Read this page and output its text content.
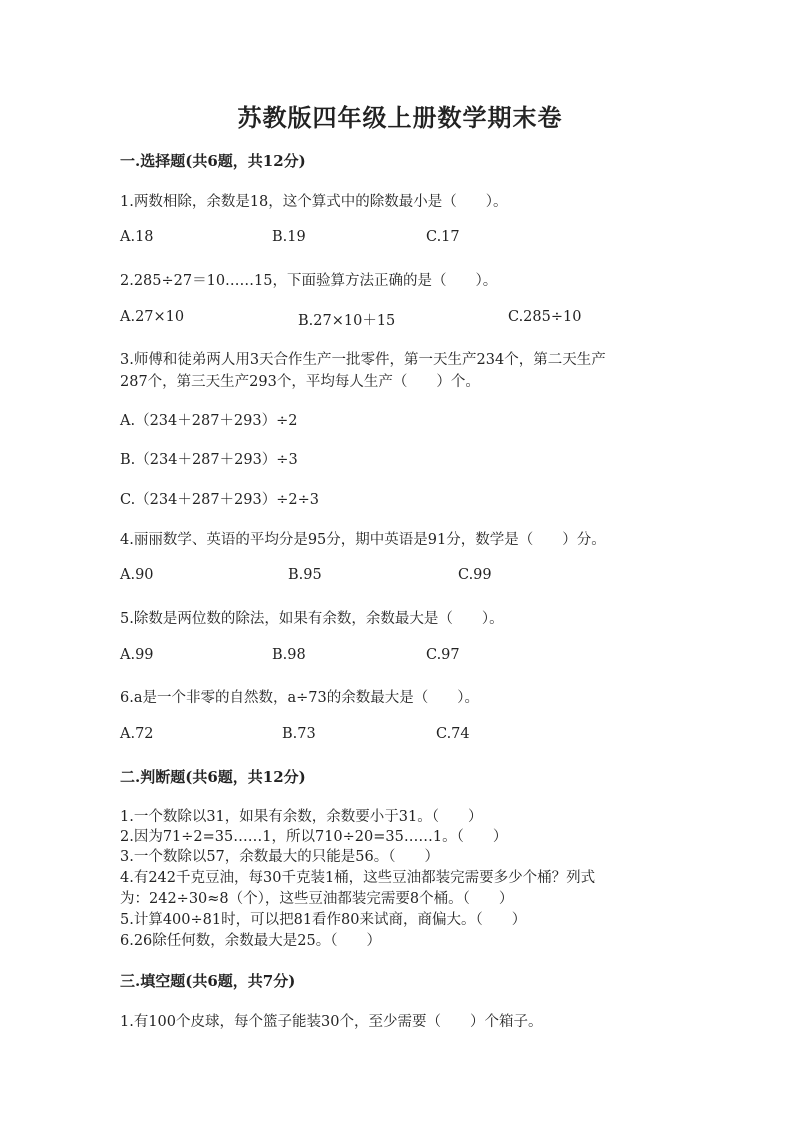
苏教版四年级上册数学期末卷
一.选择题(共6题，共12分)
1.两数相除，余数是18，这个算式中的除数最小是（　　）。
A.18	B.19	C.17
2.285÷27＝10……15，下面验算方法正确的是（　　）。
A.27×10	B.27×10＋15	C.285÷10
3.师傅和徒弟两人用3天合作生产一批零件，第一天生产234个，第二天生产
287个，第三天生产293个，平均每人生产（　　）个。
A.（234＋287＋293）÷2
B.（234＋287＋293）÷3
C.（234＋287＋293）÷2÷3
4.丽丽数学、英语的平均分是95分，期中英语是91分，数学是（　　）分。
A.90	B.95	C.99
5.除数是两位数的除法，如果有余数，余数最大是（　　）。
A.99	B.98	C.97
6.a是一个非零的自然数，a÷73的余数最大是（　　）。
A.72	B.73	C.74
二.判断题(共6题，共12分)
1.一个数除以31，如果有余数，余数要小于31。（　　）
2.因为71÷2=35……1，所以710÷20=35……1。（　　）
3.一个数除以57，余数最大的只能是56。（　　）
4.有242千克豆油，每30千克装1桶，这些豆油都装完需要多少个桶？列式
为：242÷30≈8（个），这些豆油都装完需要8个桶。（　　）
5.计算400÷81时，可以把81看作80来试商，商偏大。（　　）
6.26除任何数，余数最大是25。（　　）
三.填空题(共6题，共7分)
1.有100个皮球，每个篮子能装30个，至少需要（　　）个箱子。
